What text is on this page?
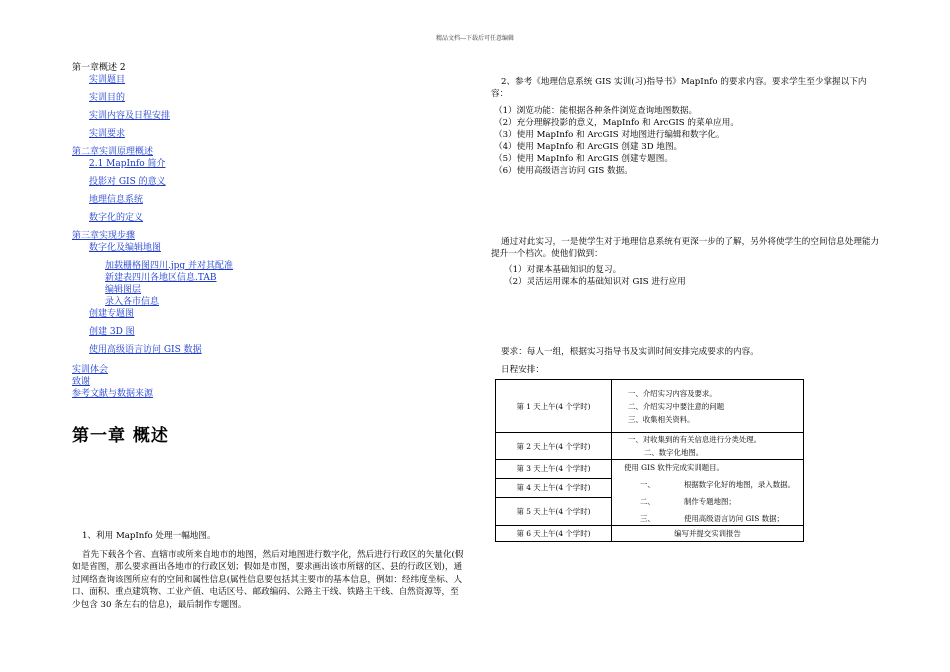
精品文档---下载后可任意编辑
第一章概述 2
实训题目
实训目的
实训内容及日程安排
实训要求
第二章实训原理概述
2.1 MapInfo 简介
投影对 GIS 的意义
地理信息系统
数字化的定义
第三章实现步骤
数字化及编辑地图
加载栅格图四川.jpg 并对其配准
新建表四川各地区信息.TAB
编辑图层
录入各市信息
创建专题图
创建 3D 图
使用高级语言访问 GIS 数据
实训体会
致谢
参考文献与数据来源
第一章 概述
1、利用 MapInfo 处理一幅地图。
首先下载各个省、直辖市或所来自地市的地图，然后对地图进行数字化，然后进行行政区的矢量化(假如是省图，那么要求画出各地市的行政区划；假如是市图，要求画出该市所辖的区、县的行政区划)，通过网络查询该图所应有的空间和属性信息(属性信息要包括其主要市的基本信息，例如：经纬度坐标、人口、面积、重点建筑物、工业产值、电话区号、邮政编码、公路主干线、铁路主干线、自然资源等，至少包含 30 条左右的信息)，最后制作专题图。
2、参考《地理信息系统 GIS 实训(习)指导书》MapInfo 的要求内容。要求学生至少掌握以下内容：
（1）浏览功能：能根据各种条件浏览查询地图数据。
（2）充分理解投影的意义，MapInfo 和 ArcGIS 的菜单应用。
（3）使用 MapInfo 和 ArcGIS 对地图进行编辑和数字化。
（4）使用 MapInfo 和 ArcGIS 创建 3D 地图。
（5）使用 MapInfo 和 ArcGIS 创建专题图。
（6）使用高级语言访问 GIS 数据。
通过对此实习，一是使学生对于地理信息系统有更深一步的了解，另外将使学生的空间信息处理能力提升一个档次。使他们做到：
（1）对课本基础知识的复习。
（2）灵活运用课本的基础知识对 GIS 进行应用
要求：每人一组，根据实习指导书及实训时间安排完成要求的内容。
日程安排：
第 1 天上午(4 个学时)	一、介绍实习内容及要求。
二、介绍实习中要注意的问题
三、收集相关资料。

第 2 天上午(4 个学时)	一、对收集到的有关信息进行分类处理。
二、数字化地图。

第 3 天上午(4 个学时)	使用 GIS 软件完成实训题目。
一、 根据数字化好的地图，录入数据。
二、 制作专题地图；
三、 使用高级语言访问 GIS 数据；

第 4 天上午(4 个学时)	
第 5 天上午(4 个学时)	
第 6 天上午(4 个学时)	编写并提交实训报告
